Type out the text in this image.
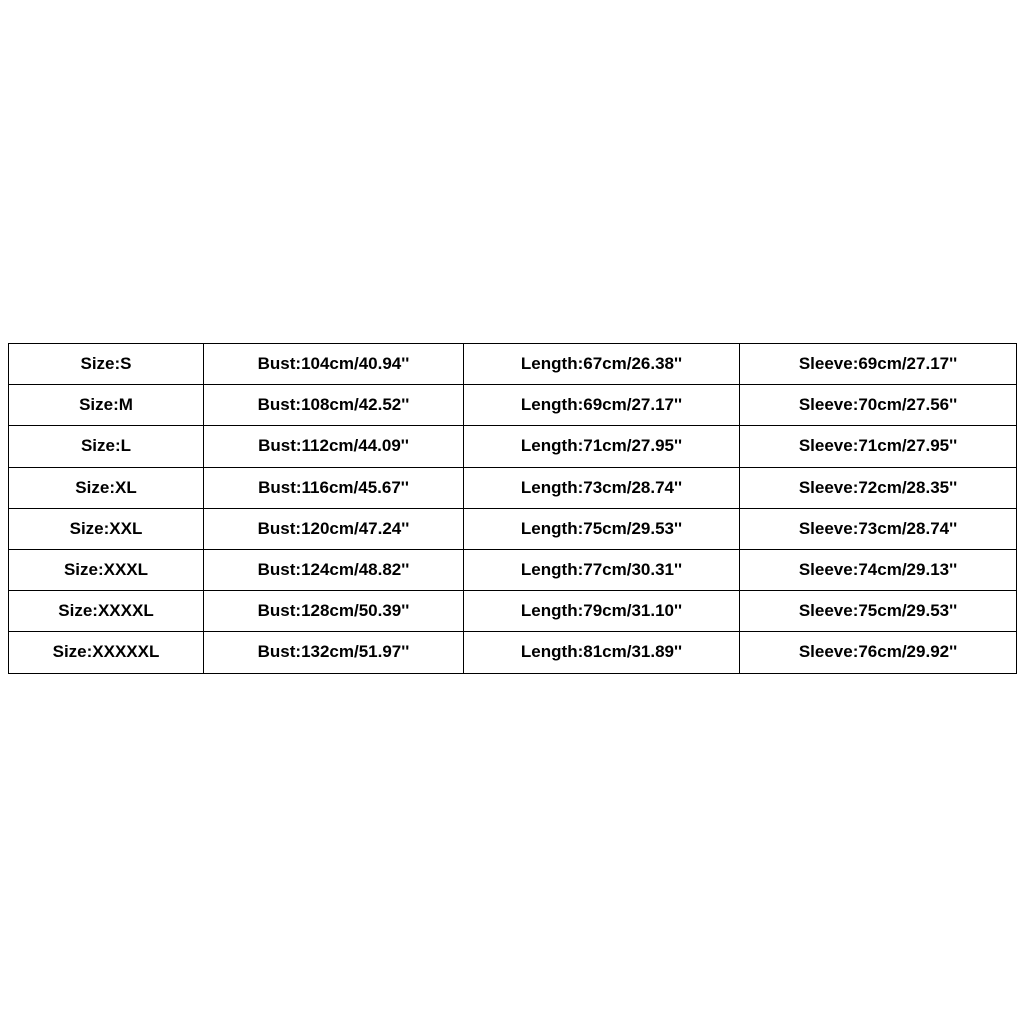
Size:S	Bust:104cm/40.94''	Length:67cm/26.38''	Sleeve:69cm/27.17''
Size:M	Bust:108cm/42.52''	Length:69cm/27.17''	Sleeve:70cm/27.56''
Size:L	Bust:112cm/44.09''	Length:71cm/27.95''	Sleeve:71cm/27.95''
Size:XL	Bust:116cm/45.67''	Length:73cm/28.74''	Sleeve:72cm/28.35''
Size:XXL	Bust:120cm/47.24''	Length:75cm/29.53''	Sleeve:73cm/28.74''
Size:XXXL	Bust:124cm/48.82''	Length:77cm/30.31''	Sleeve:74cm/29.13''
Size:XXXXL	Bust:128cm/50.39''	Length:79cm/31.10''	Sleeve:75cm/29.53''
Size:XXXXXL	Bust:132cm/51.97''	Length:81cm/31.89''	Sleeve:76cm/29.92''
